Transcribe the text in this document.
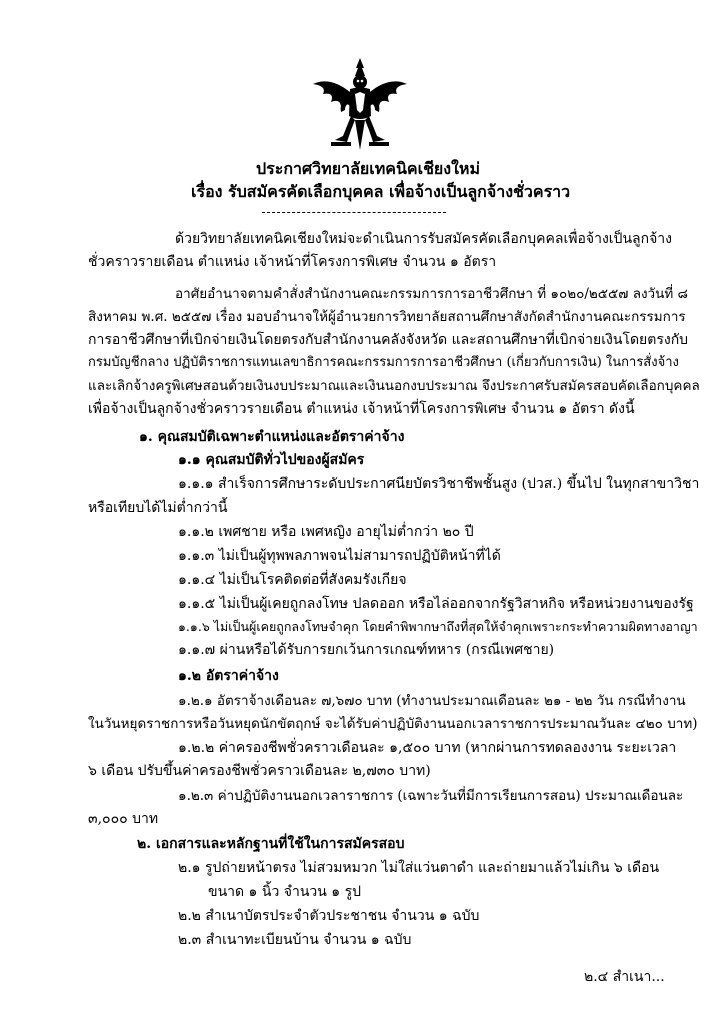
ประกาศวิทยาลัยเทคนิคเชียงใหม่
เรื่อง รับสมัครคัดเลือกบุคคล เพื่อจ้างเป็นลูกจ้างชั่วคราว
ด้วยวิทยาลัยเทคนิคเชียงใหม่จะดำเนินการรับสมัครคัดเลือกบุคคลเพื่อจ้างเป็นลูกจ้าง
ชั่วคราวรายเดือน ตำแหน่ง เจ้าหน้าที่โครงการพิเศษ จำนวน ๑ อัตรา
อาศัยอำนาจตามคำสั่งสำนักงานคณะกรรมการการอาชีวศึกษา ที่ ๑๐๒๐/๒๕๕๗ ลงวันที่ ๘
สิงหาคม พ.ศ. ๒๕๕๗ เรื่อง มอบอำนาจให้ผู้อำนวยการวิทยาลัยสถานศึกษาสังกัดสำนักงานคณะกรรมการ
การอาชีวศึกษาที่เบิกจ่ายเงินโดยตรงกับสำนักงานคลังจังหวัด และสถานศึกษาที่เบิกจ่ายเงินโดยตรงกับ
กรมบัญชีกลาง ปฏิบัติราชการแทนเลขาธิการคณะกรรมการการอาชีวศึกษา (เกี่ยวกับการเงิน) ในการสั่งจ้าง
และเลิกจ้างครูพิเศษสอนด้วยเงินงบประมาณและเงินนอกงบประมาณ จึงประกาศรับสมัครสอบคัดเลือกบุคคล
เพื่อจ้างเป็นลูกจ้างชั่วคราวรายเดือน ตำแหน่ง เจ้าหน้าที่โครงการพิเศษ จำนวน ๑ อัตรา ดังนี้
๑. คุณสมบัติเฉพาะตำแหน่งและอัตราค่าจ้าง
๑.๑ คุณสมบัติทั่วไปของผู้สมัคร
๑.๑.๑ สำเร็จการศึกษาระดับประกาศนียบัตรวิชาชีพชั้นสูง (ปวส.) ขึ้นไป ในทุกสาขาวิชา
หรือเทียบได้ไม่ต่ำกว่านี้
๑.๑.๒ เพศชาย หรือ เพศหญิง อายุไม่ต่ำกว่า ๒๐ ปี
๑.๑.๓ ไม่เป็นผู้ทุพพลภาพจนไม่สามารถปฏิบัติหน้าที่ได้
๑.๑.๔ ไม่เป็นโรคติดต่อที่สังคมรังเกียจ
๑.๑.๕ ไม่เป็นผู้เคยถูกลงโทษ ปลดออก หรือไล่ออกจากรัฐวิสาหกิจ หรือหน่วยงานของรัฐ
๑.๑.๖ ไม่เป็นผู้เคยถูกลงโทษจำคุก โดยคำพิพากษาถึงที่สุดให้จำคุกเพราะกระทำความผิดทางอาญา
๑.๑.๗ ผ่านหรือได้รับการยกเว้นการเกณฑ์ทหาร (กรณีเพศชาย)
๑.๒ อัตราค่าจ้าง
๑.๒.๑ อัตราจ้างเดือนละ ๗,๖๗๐ บาท (ทำงานประมาณเดือนละ ๒๑ - ๒๒ วัน กรณีทำงาน
ในวันหยุดราชการหรือวันหยุดนักขัตฤกษ์ จะได้รับค่าปฏิบัติงานนอกเวลาราชการประมาณวันละ ๔๒๐ บาท)
๑.๒.๒ ค่าครองชีพชั่วคราวเดือนละ ๑,๕๐๐ บาท (หากผ่านการทดลองงาน ระยะเวลา
๖ เดือน ปรับขึ้นค่าครองชีพชั่วคราวเดือนละ ๒,๗๓๐ บาท)
๑.๒.๓ ค่าปฏิบัติงานนอกเวลาราชการ (เฉพาะวันที่มีการเรียนการสอน) ประมาณเดือนละ
๓,๐๐๐ บาท
๒. เอกสารและหลักฐานที่ใช้ในการสมัครสอบ
๒.๑ รูปถ่ายหน้าตรง ไม่สวมหมวก ไม่ใส่แว่นตาดำ และถ่ายมาแล้วไม่เกิน ๖ เดือน
ขนาด ๑ นิ้ว จำนวน ๑ รูป
๒.๒ สำเนาบัตรประจำตัวประชาชน จำนวน ๑ ฉบับ
๒.๓ สำเนาทะเบียนบ้าน จำนวน ๑ ฉบับ
๒.๔ สำเนา...
